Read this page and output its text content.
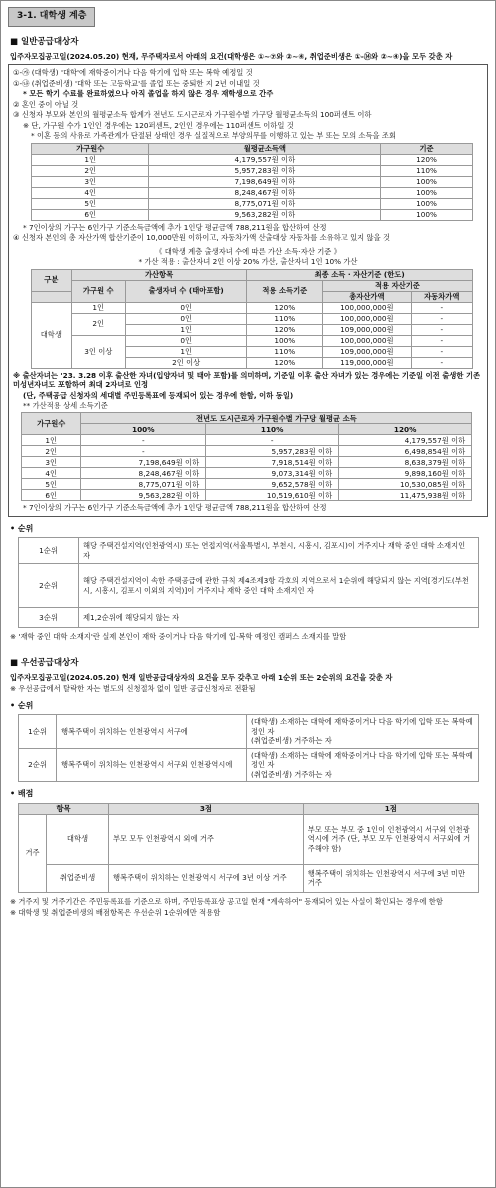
3-1. 대학생 계층
■ 일반공급대상자
입주자모집공고일(2024.05.20) 현재, 무주택자로서 아래의 요건(대학생은 ①~⑦와 ②~④, 취업준비생은 ①-⑭와 ②~④)을 모두 갖춘 자
①-㉮ (대학생) '대학'에 재학중이거나 다음 학기에 입학 또는 복학 예정일 것
①-㉯ (취업준비생) '대학 또는 고등학교'를 졸업 또는 중퇴한 지 2년 이내일 것
* 모든 학기 수료를 완료하였으나 아직 졸업을 하지 않은 경우 재학생으로 간주
② 혼인 중이 아닐 것
③ 신청자 부모와 본인의 월평균소득 합계가 전년도 도시근로자 가구원수별 가구당 월평균소득의 100퍼센트 이하
※ 단, 가구원 수가 1인인 경우에는 120퍼센트, 2인인 경우에는 110퍼센트 이하일 것
* 이혼 등의 사유로 가족관계가 단절된 상태인 경우 실질적으로 부양의무를 이행하고 있는 부 또는 모의 소득을 조회
가구원수	월평균소득액	기준
1인	4,179,557원 이하	120%
2인	5,957,283원 이하	110%
3인	7,198,649원 이하	100%
4인	8,248,467원 이하	100%
5인	8,775,071원 이하	100%
6인	9,563,282원 이하	100%
* 7인이상의 가구는 6인가구 기준소득금액에 추가 1인당 평균금액 788,211원을 합산하여 산정
④ 신청자 본인의 총 자산가액 합산기준이 10,000만원 이하이고, 자동차가액 산출대상 자동차를 소유하고 있지 않을 것
《 대학생 계층 출생자녀 수에 따른 가산 소득·자산 기준 》
* 가산 적용 : 출산자녀 2인 이상 20% 가산, 출산자녀 1인 10% 가산
구분	가산항목		최종 소득 · 자산기준 (한도)		
	가구원 수	출생자녀 수 (태아포함)	적용 소득기준	적용 자산기준	
				총자산가액	자동차가액
대학생	1인	0인	120%	100,000,000원	-
	2인	0인	110%	100,000,000원	-
		1인	120%	109,000,000원	-
	3인 이상	0인	100%	100,000,000원	-
		1인	110%	109,000,000원	-
		2인 이상	120%	119,000,000원	-
※ 출산자녀는 '23. 3.28 이후 출산한 자녀(입양자녀 및 태아 포함)를 의미하며, 기준일 이후 출산 자녀가 있는 경우에는 기준일 이전 출생한 기존 미성년자녀도 포함하여 최대 2자녀로 인정
(단, 주택공급 신청자의 세대별 주민등록표에 등재되어 있는 경우에 한함, 이하 동일)
** 가산적용 상세 소득기준
가구원수	전년도 도시근로자 가구원수별 가구당 월평균 소득		
	100%	110%	120%
1인	-	-	4,179,557원 이하
2인	-	5,957,283원 이하	6,498,854원 이하
3인	7,198,649원 이하	7,918,514원 이하	8,638,379원 이하
4인	8,248,467원 이하	9,073,314원 이하	9,898,160원 이하
5인	8,775,071원 이하	9,652,578원 이하	10,530,085원 이하
6인	9,563,282원 이하	10,519,610원 이하	11,475,938원 이하
* 7인이상의 가구는 6인가구 기준소득금액에 추가 1인당 평균금액 788,211원을 합산하여 산정
• 순위
1순위	해당 주택건설지역(인천광역시) 또는 연접지역(서울특별시, 부천시, 시흥시, 김포시)이 거주지나 재학 중인 대학 소재지인 자
2순위	해당 주택건설지역이 속한 주택공급에 관한 규칙 제4조제3항 각호의 지역으로서 1순위에 해당되지 않는 지역[경기도(부천시, 시흥시, 김포시 이외의 지역)]이 거주지나 재학 중인 대학 소재지인 자
3순위	제1,2순위에 해당되지 않는 자
※ '재학 중인 대학 소재지'란 실제 본인이 재학 중이거나 다음 학기에 입·복학 예정인 캠퍼스 소재지를 말함
■ 우선공급대상자
입주자모집공고일(2024.05.20) 현재 일반공급대상자의 요건을 모두 갖추고 아래 1순위 또는 2순위의 요건을 갖춘 자
※ 우선공급에서 탈락한 자는 별도의 신청절차 없이 일반 공급신청자로 전환됨
• 순위
1순위	행복주택이 위치하는 인천광역시 서구에	(대학생) 소재하는 대학에 재학중이거나 다음 학기에 입학 또는 복학예정인 자
(취업준비생) 거주하는 자

2순위	행복주택이 위치하는 인천광역시 서구외 인천광역시에	(대학생) 소재하는 대학에 재학중이거나 다음 학기에 입학 또는 복학예정인 자
(취업준비생) 거주하는 자
• 배점
항목		3점	1점
거주	대학생	부모 모두 인천광역시 외에 거주	부모 또는 부모 중 1인이 인천광역시 서구외 인천광역시에 거주 (단, 부모 모두 인천광역시 서구외에 거주해야 함)
	취업준비생	행복주택이 위치하는 인천광역시 서구에 3년 이상 거주	행복주택이 위치하는 인천광역시 서구에 3년 미만 거주
※ 거주지 및 거주기간은 주민등록표를 기준으로 하며, 주민등록표상 공고일 현재 "계속하여" 등재되어 있는 사실이 확인되는 경우에 한함
※ 대학생 및 취업준비생의 배점항목은 우선순위 1순위에만 적용함
